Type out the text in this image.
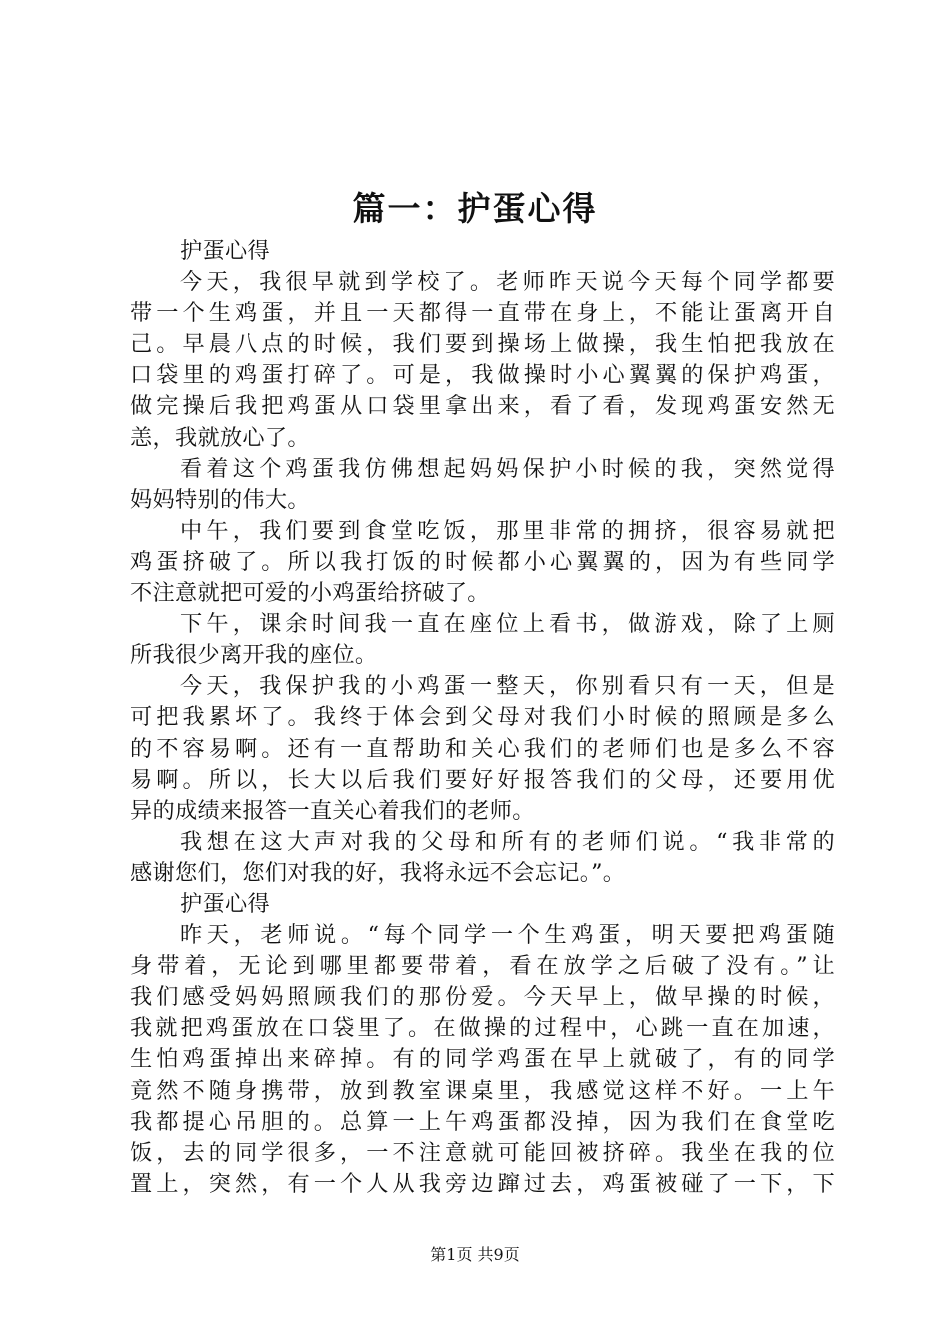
篇一：护蛋心得
护蛋心得
今天，我很早就到学校了。老师昨天说今天每个同学都要
带一个生鸡蛋，并且一天都得一直带在身上，不能让蛋离开自
己。早晨八点的时候，我们要到操场上做操，我生怕把我放在
口袋里的鸡蛋打碎了。可是，我做操时小心翼翼的保护鸡蛋，
做完操后我把鸡蛋从口袋里拿出来，看了看，发现鸡蛋安然无
恙，我就放心了。
看着这个鸡蛋我仿佛想起妈妈保护小时候的我，突然觉得
妈妈特别的伟大。
中午，我们要到食堂吃饭，那里非常的拥挤，很容易就把
鸡蛋挤破了。所以我打饭的时候都小心翼翼的，因为有些同学
不注意就把可爱的小鸡蛋给挤破了。
下午，课余时间我一直在座位上看书，做游戏，除了上厕
所我很少离开我的座位。
今天，我保护我的小鸡蛋一整天，你别看只有一天，但是
可把我累坏了。我终于体会到父母对我们小时候的照顾是多么
的不容易啊。还有一直帮助和关心我们的老师们也是多么不容
易啊。所以，长大以后我们要好好报答我们的父母，还要用优
异的成绩来报答一直关心着我们的老师。
我想在这大声对我的父母和所有的老师们说。“我非常的
感谢您们，您们对我的好，我将永远不会忘记。”。
护蛋心得
昨天，老师说。“每个同学一个生鸡蛋，明天要把鸡蛋随
身带着，无论到哪里都要带着，看在放学之后破了没有。”让
我们感受妈妈照顾我们的那份爱。今天早上，做早操的时候，
我就把鸡蛋放在口袋里了。在做操的过程中，心跳一直在加速，
生怕鸡蛋掉出来碎掉。有的同学鸡蛋在早上就破了，有的同学
竟然不随身携带，放到教室课桌里，我感觉这样不好。一上午
我都提心吊胆的。总算一上午鸡蛋都没掉，因为我们在食堂吃
饭，去的同学很多，一不注意就可能回被挤碎。我坐在我的位
置上，突然，有一个人从我旁边蹿过去，鸡蛋被碰了一下，下
第1页 共9页
